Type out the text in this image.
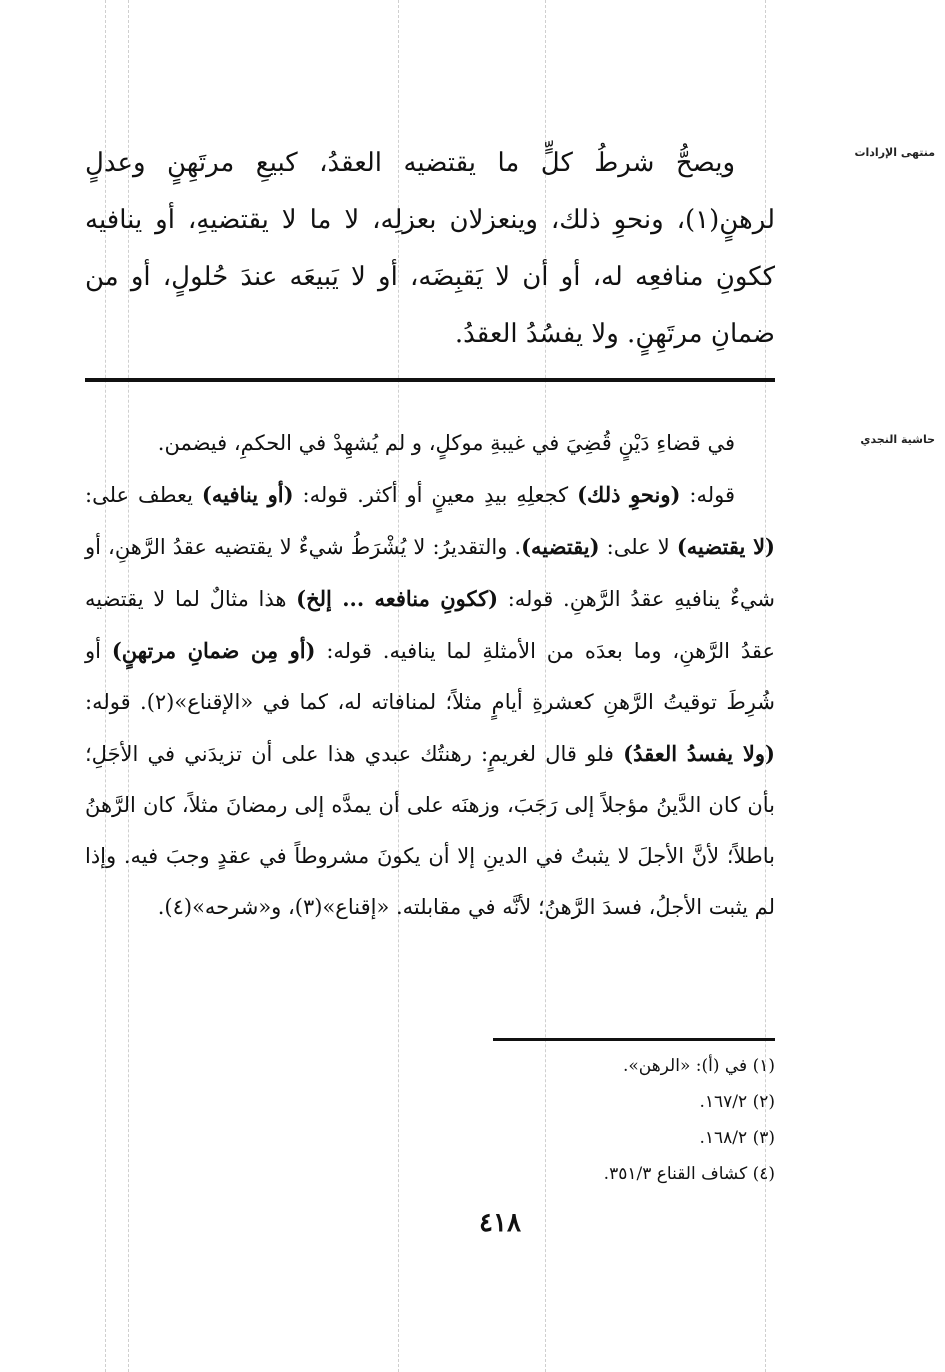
منتهى الإرادات
ويصحُّ شرطُ كلٍّ ما يقتضيه العقدُ، كبيعِ مرتَهِنٍ وعدلٍ لرهنٍ(١)، ونحوِ ذلك، وينعزلان بعزلِه، لا ما لا يقتضيهِ، أو ينافيه ككونِ منافعِه له، أو أن لا يَقبِضَه، أو لا يَبيعَه عندَ حُلولٍ، أو من ضمانِ مرتَهِنٍ. ولا يفسُدُ العقدُ.
حاشية النجدي

في قضاءِ دَيْنٍ قُضِيَ في غيبةِ موكلٍ، و لم يُشهِدْ في الحكمِ، فيضمن.

قوله: (ونحوِ ذلك) كجعلِهِ بيدِ معينٍ أو أكثر. قوله: (أو ينافيه) يعطف على: (لا يقتضيه) لا على: (يقتضيه). والتقديرُ: لا يُشْرَطُ شيءٌ لا يقتضيه عقدُ الرَّهنِ، أو شيءٌ ينافيهِ عقدُ الرَّهنِ. قوله: (ككونِ منافعه ... إلخ) هذا مثالٌ لما لا يقتضيه عقدُ الرَّهنِ، وما بعدَه من الأمثلةِ لما ينافيه. قوله: (أو مِن ضمانِ مرتهنٍ) أو شُرِطَ توقيتُ الرَّهنِ كعشرةِ أيامٍ مثلاً؛ لمنافاته له، كما في «الإقناع»(٢). قوله: (ولا يفسدُ العقدُ) فلو قال لغريمٍ: رهنتُك عبدي هذا على أن تزيدَني في الأجَلِ؛ بأن كان الدَّينُ مؤجلاً إلى رَجَبَ، وزهنَه على أن يمدَّه إلى رمضانَ مثلاً، كان الرَّهنُ باطلاً؛ لأنَّ الأجلَ لا يثبتُ في الدينِ إلا أن يكونَ مشروطاً في عقدٍ وجبَ فيه. وإذا لم يثبت الأجلُ، فسدَ الرَّهنُ؛ لأنَّه في مقابلته. «إقناع»(٣)، و«شرحه»(٤).

(١) في (أ): «الرهن».
(٢) ١٦٧/٢.
(٣) ١٦٨/٢.
(٤) كشاف القناع ٣٥١/٣.
٤١٨
